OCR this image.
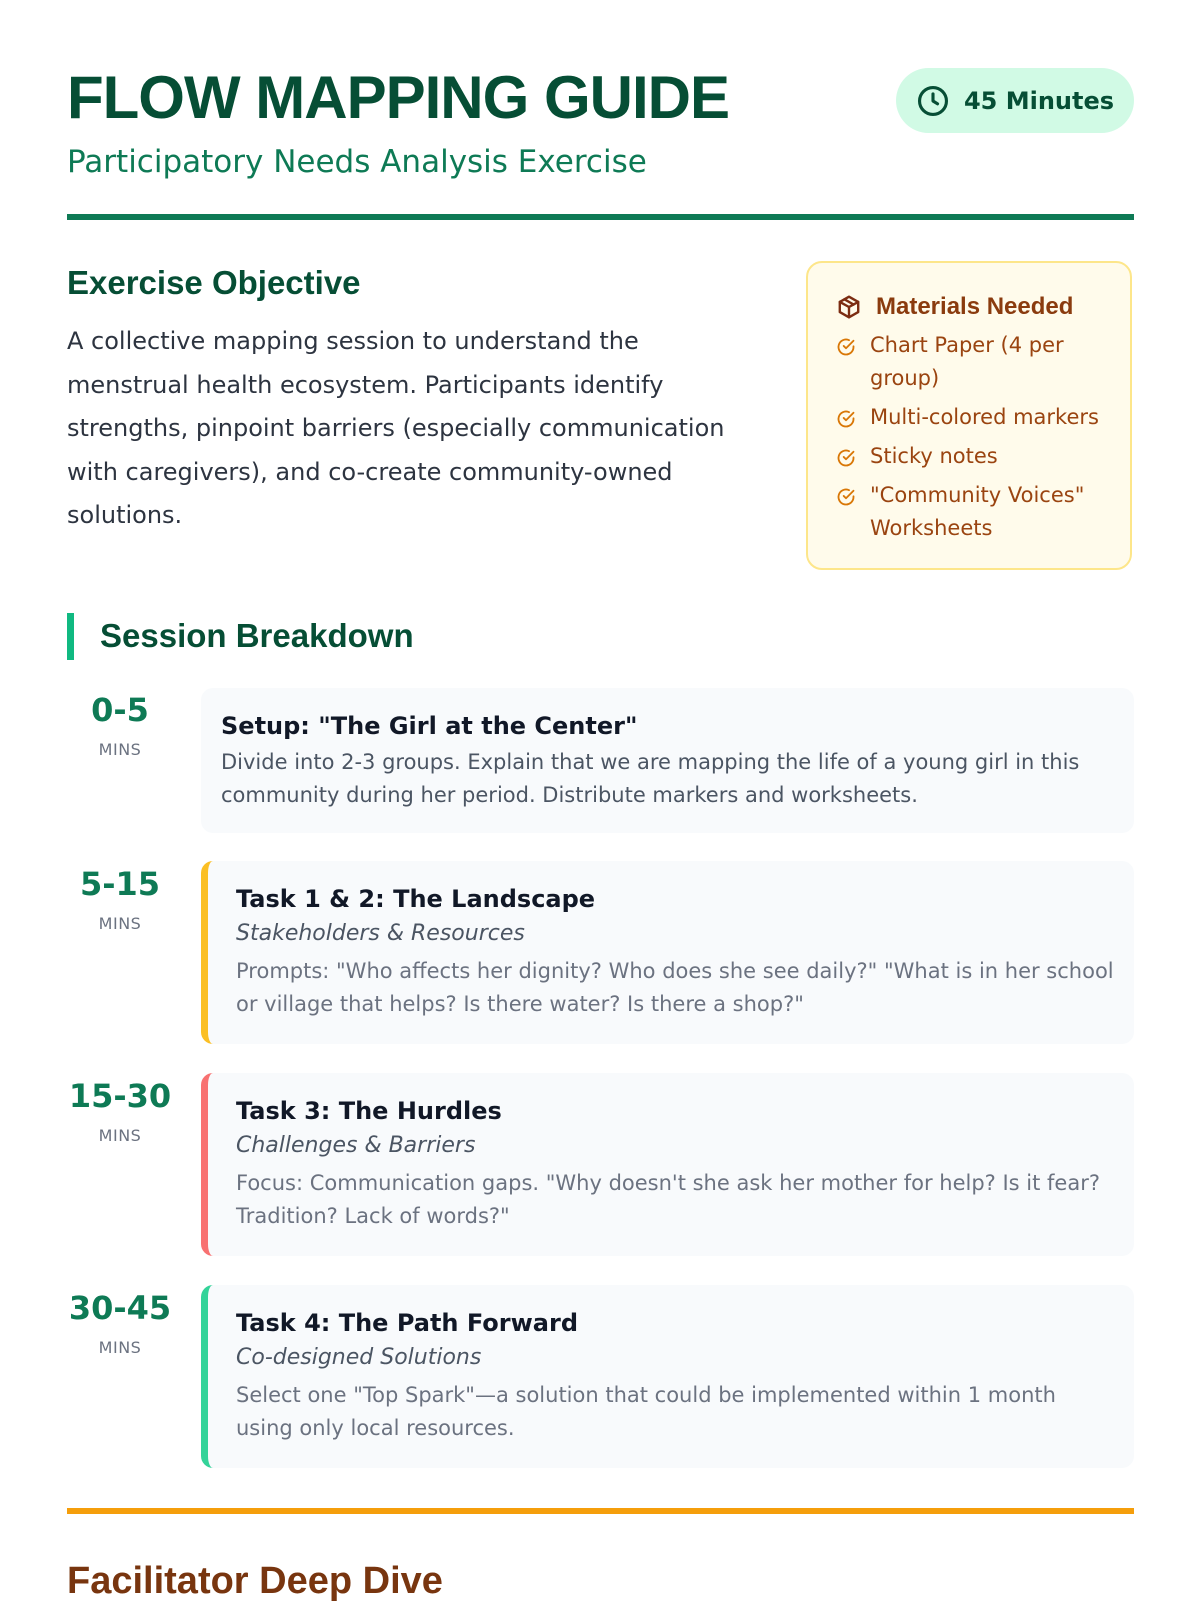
FLOW MAPPING GUIDE

Participatory Needs Analysis Exercise

45 Minutes
Exercise Objective

A collective mapping session to understand the menstrual health ecosystem. Participants identify strengths, pinpoint barriers (especially communication with caregivers), and co-create community-owned solutions.

Materials Needed
Chart Paper (4 per group)
Multi-colored markers
Sticky notes
"Community Voices" Worksheets
Session Breakdown
0-5
MINS
Setup: "The Girl at the Center"
Divide into 2-3 groups. Explain that we are mapping the life of a young girl in this community during her period. Distribute markers and worksheets.
5-15
MINS
Task 1 & 2: The Landscape
Stakeholders & Resources
Prompts: "Who affects her dignity? Who does she see daily?" "What is in her school or village that helps? Is there water? Is there a shop?"
15-30
MINS
Task 3: The Hurdles
Challenges & Barriers
Focus: Communication gaps. "Why doesn't she ask her mother for help? Is it fear? Tradition? Lack of words?"
30-45
MINS
Task 4: The Path Forward
Co-designed Solutions
Select one "Top Spark"—a solution that could be implemented within 1 month using only local resources.
Facilitator Deep Dive
